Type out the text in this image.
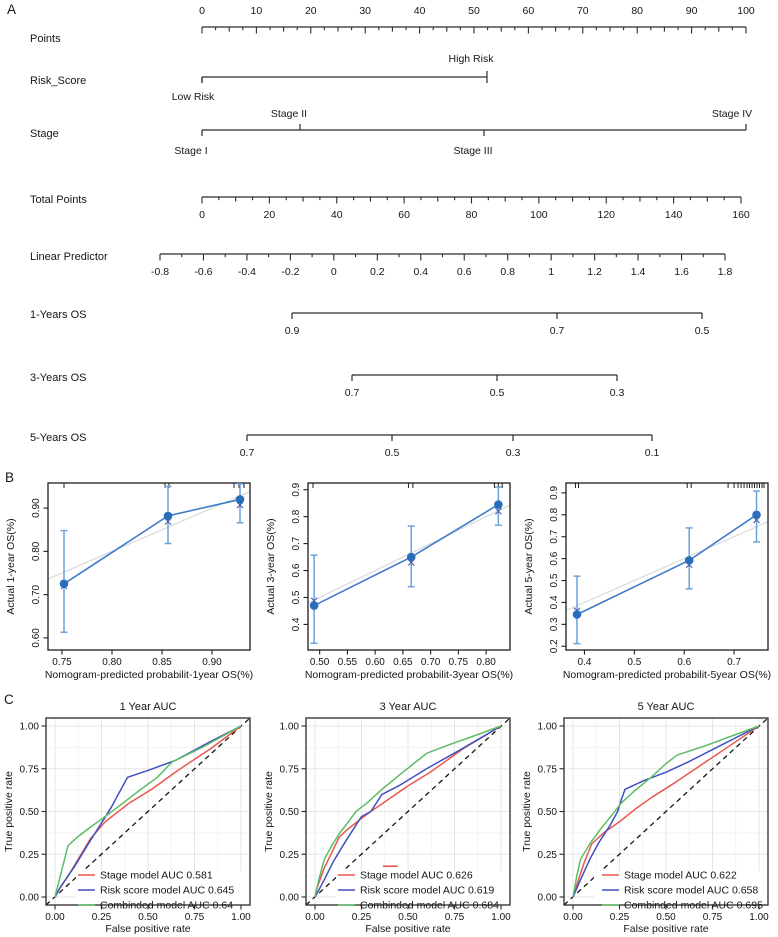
A
B
C
Points
0	10	20	30	40	50	60	70	80	90	100
Risk_Score
High Risk
Low Risk
Stage
Stage I
Stage II
Stage III
Stage IV
Total Points
0	20	40	60	80	100	120	140	160
Linear Predictor
-0.8 -0.6 -0.4 -0.2	0	0.2	0.4	0.6	0.8	1	1.2	1.4	1.6	1.8
1-Years OS
0.9	0.7	0.5
3-Years OS
0.7	0.5	0.3
5-Years OS
0.7	0.5	0.3	0.1
0.75	0.80	0.85	0.90
0.60
0.70
0.80
0.90
Nomogram-predicted probabilit-1year OS(%)
Actual 1-year OS(%)
0.50 0.55 0.60 0.65 0.70 0.75 0.80
0.4
0.5
0.6
0.7
0.8
0.9
Nomogram-predicted probabilit-3year OS(%)
Actual 3-year OS(%)
0.4	0.5	0.6	0.7
0.2
0.3
0.4
0.5
0.6
0.7
0.8
0.9
Nomogram-predicted probabilit-5year OS(%)
Actual 5-year OS(%)
0.00
0.00
0.25
0.25
0.50
0.50
0.75
0.75
1.00
1.00
Stage model AUC 0.581
Risk score model AUC 0.645
Combinded model AUC 0.64
1 Year AUC
False positive rate
True positive rate
0.00
0.00
0.25
0.25
0.50
0.50
0.75
0.75
1.00
1.00
Stage model AUC 0.626
Risk score model AUC 0.619
Combinded model AUC 0.684
3 Year AUC
False positive rate
True positive rate
0.00
0.00
0.25
0.25
0.50
0.50
0.75
0.75
1.00
1.00
Stage model AUC 0.622
Risk score model AUC 0.658
Combinded model AUC 0.695
5 Year AUC
False positive rate
True positive rate
